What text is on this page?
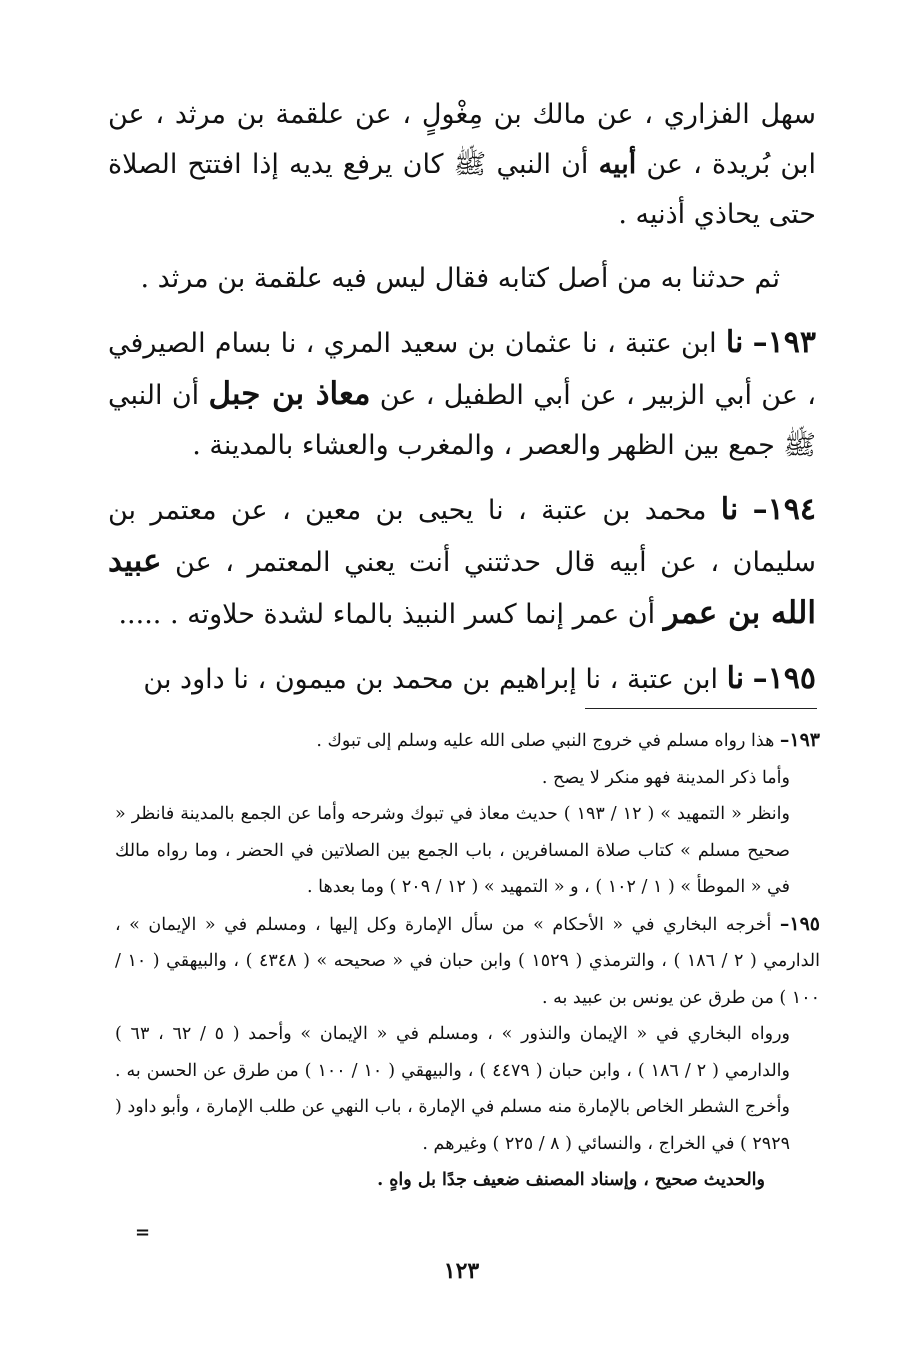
سهل الفزاري ، عن مالك بن مِغْولٍ ، عن علقمة بن مرثد ، عن ابن بُريدة ، عن أبيه أن النبي ﷺ كان يرفع يديه إذا افتتح الصلاة حتى يحاذي أذنيه .

ثم حدثنا به من أصل كتابه فقال ليس فيه علقمة بن مرثد .

١٩٣– نا ابن عتبة ، نا عثمان بن سعيد المري ، نا بسام الصيرفي ، عن أبي الزبير ، عن أبي الطفيل ، عن معاذ بن جبل أن النبي ﷺ جمع بين الظهر والعصر ، والمغرب والعشاء بالمدينة .

١٩٤– نا محمد بن عتبة ، نا يحيى بن معين ، عن معتمر بن سليمان ، عن أبيه قال حدثتني أنت يعني المعتمر ، عن عبيد الله بن عمر أن عمر إنما كسر النبيذ بالماء لشدة حلاوته . .....

١٩٥– نا ابن عتبة ، نا إبراهيم بن محمد بن ميمون ، نا داود بن

١٩٣– هذا رواه مسلم في خروج النبي صلى الله عليه وسلم إلى تبوك .

وأما ذكر المدينة فهو منكر لا يصح .

وانظر « التمهيد » ( ١٢ / ١٩٣ ) حديث معاذ في تبوك وشرحه وأما عن الجمع بالمدينة فانظر « صحيح مسلم » كتاب صلاة المسافرين ، باب الجمع بين الصلاتين في الحضر ، وما رواه مالك في « الموطأ » ( ١ / ١٠٢ ) ، و « التمهيد » ( ١٢ / ٢٠٩ ) وما بعدها .

١٩٥– أخرجه البخاري في « الأحكام » من سأل الإمارة وكل إليها ، ومسلم في « الإيمان » ، الدارمي ( ٢ / ١٨٦ ) ، والترمذي ( ١٥٢٩ ) وابن حبان في « صحيحه » ( ٤٣٤٨ ) ، والبيهقي ( ١٠ / ١٠٠ ) من طرق عن يونس بن عبيد به .

ورواه البخاري في « الإيمان والنذور » ، ومسلم في « الإيمان » وأحمد ( ٥ / ٦٢ ، ٦٣ ) والدارمي ( ٢ / ١٨٦ ) ، وابن حبان ( ٤٤٧٩ ) ، والبيهقي ( ١٠ / ١٠٠ ) من طرق عن الحسن به . وأخرج الشطر الخاص بالإمارة منه مسلم في الإمارة ، باب النهي عن طلب الإمارة ، وأبو داود ( ٢٩٢٩ ) في الخراج ، والنسائي ( ٨ / ٢٢٥ ) وغيرهم .

والحديث صحيح ، وإسناد المصنف ضعيف جدًا بل واهٍ .

=
١٢٣
